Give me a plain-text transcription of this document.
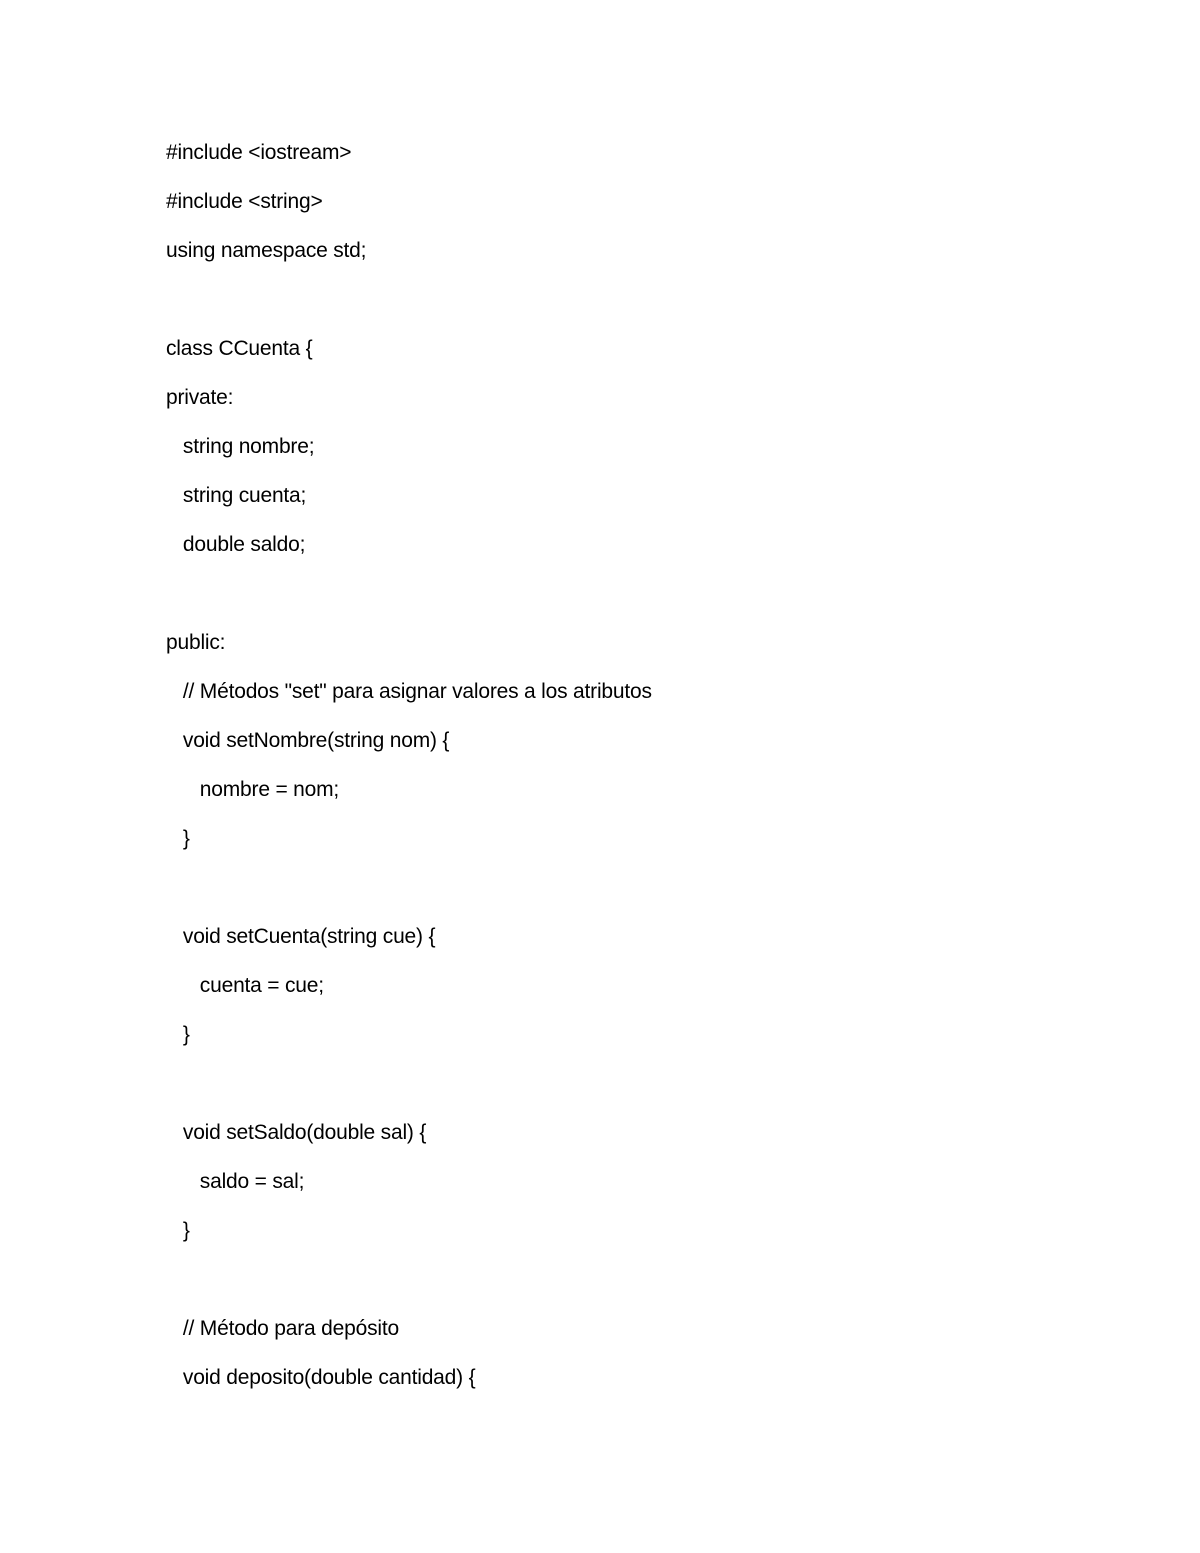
#include <iostream>
#include <string>
using namespace std;
class CCuenta {
private:
string nombre;
string cuenta;
double saldo;
public:
// Métodos "set" para asignar valores a los atributos
void setNombre(string nom) {
nombre = nom;
}
void setCuenta(string cue) {
cuenta = cue;
}
void setSaldo(double sal) {
saldo = sal;
}
// Método para depósito
void deposito(double cantidad) {
